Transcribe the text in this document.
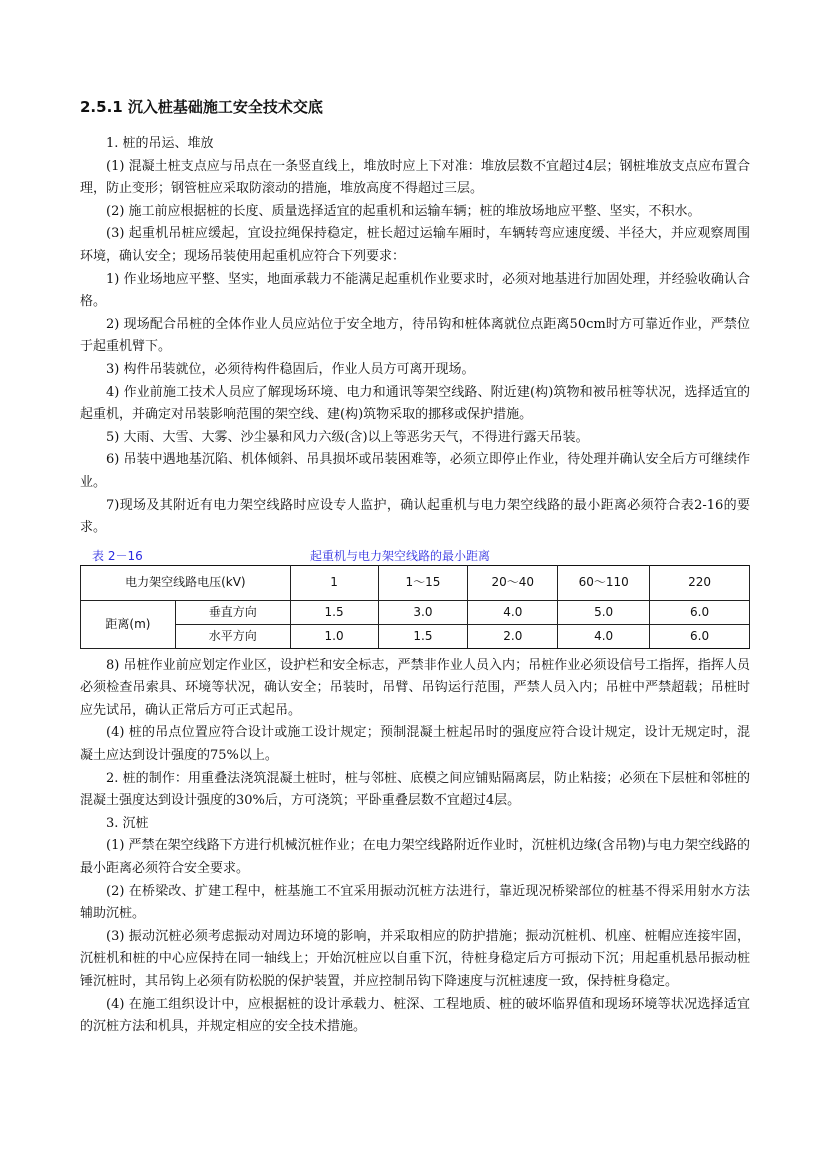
2.5.1 沉入桩基础施工安全技术交底

1. 桩的吊运、堆放

(1) 混凝土桩支点应与吊点在一条竖直线上，堆放时应上下对准：堆放层数不宜超过4层；钢桩堆放支点应布置合理，防止变形；钢管桩应采取防滚动的措施，堆放高度不得超过三层。

(2) 施工前应根据桩的长度、质量选择适宜的起重机和运输车辆；桩的堆放场地应平整、坚实，不积水。

(3) 起重机吊桩应缓起，宜设拉绳保持稳定，桩长超过运输车厢时，车辆转弯应速度缓、半径大，并应观察周围环境，确认安全；现场吊装使用起重机应符合下列要求：

1) 作业场地应平整、坚实，地面承载力不能满足起重机作业要求时，必须对地基进行加固处理，并经验收确认合格。

2) 现场配合吊桩的全体作业人员应站位于安全地方，待吊钩和桩体离就位点距离50cm时方可靠近作业，严禁位于起重机臂下。

3) 构件吊装就位，必须待构件稳固后，作业人员方可离开现场。

4) 作业前施工技术人员应了解现场环境、电力和通讯等架空线路、附近建(构)筑物和被吊桩等状况，选择适宜的起重机，并确定对吊装影响范围的架空线、建(构)筑物采取的挪移或保护措施。

5) 大雨、大雪、大雾、沙尘暴和风力六级(含)以上等恶劣天气，不得进行露天吊装。

6) 吊装中遇地基沉陷、机体倾斜、吊具损坏或吊装困难等，必须立即停止作业，待处理并确认安全后方可继续作业。

7)现场及其附近有电力架空线路时应设专人监护，确认起重机与电力架空线路的最小距离必须符合表2-16的要求。

表 2－16	起重机与电力架空线路的最小距离
电力架空线路电压(kV)		1	1～15	20～40	60～110	220
距离(m)	垂直方向	1.5	3.0	4.0	5.0	6.0
	水平方向	1.0	1.5	2.0	4.0	6.0

8) 吊桩作业前应划定作业区，设护栏和安全标志，严禁非作业人员入内；吊桩作业必须设信号工指挥，指挥人员必须检查吊索具、环境等状况，确认安全；吊装时，吊臂、吊钩运行范围，严禁人员入内；吊桩中严禁超载；吊桩时应先试吊，确认正常后方可正式起吊。

(4) 桩的吊点位置应符合设计或施工设计规定；预制混凝土桩起吊时的强度应符合设计规定，设计无规定时，混凝土应达到设计强度的75%以上。

2. 桩的制作：用重叠法浇筑混凝土桩时，桩与邻桩、底模之间应铺贴隔离层，防止粘接；必须在下层桩和邻桩的混凝土强度达到设计强度的30%后，方可浇筑；平卧重叠层数不宜超过4层。

3. 沉桩

(1) 严禁在架空线路下方进行机械沉桩作业；在电力架空线路附近作业时，沉桩机边缘(含吊物)与电力架空线路的最小距离必须符合安全要求。

(2) 在桥梁改、扩建工程中，桩基施工不宜采用振动沉桩方法进行，靠近现况桥梁部位的桩基不得采用射水方法辅助沉桩。

(3) 振动沉桩必须考虑振动对周边环境的影响，并采取相应的防护措施；振动沉桩机、机座、桩帽应连接牢固，沉桩机和桩的中心应保持在同一轴线上；开始沉桩应以自重下沉，待桩身稳定后方可振动下沉；用起重机悬吊振动桩锤沉桩时，其吊钩上必须有防松脱的保护装置，并应控制吊钩下降速度与沉桩速度一致，保持桩身稳定。

(4) 在施工组织设计中，应根据桩的设计承载力、桩深、工程地质、桩的破坏临界值和现场环境等状况选择适宜的沉桩方法和机具，并规定相应的安全技术措施。
